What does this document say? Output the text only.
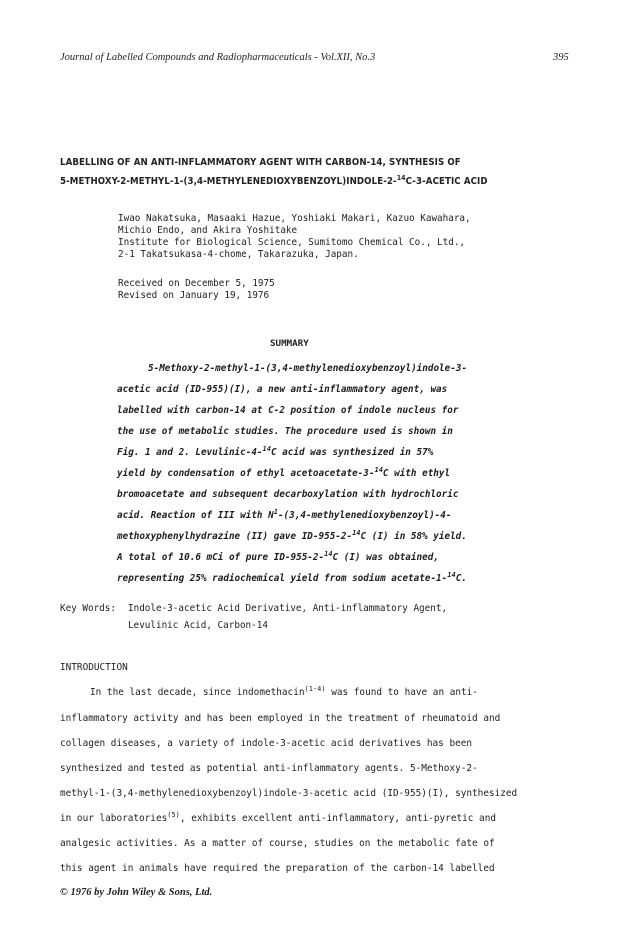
Journal of Labelled Compounds and Radiopharmaceuticals - Vol.XII, No.3	395
LABELLING OF AN ANTI-INFLAMMATORY AGENT WITH CARBON-14, SYNTHESIS OF
5-METHOXY-2-METHYL-1-(3,4-METHYLENEDIOXYBENZOYL)INDOLE-2-$^{14}$C-3-ACETIC ACID
Iwao Nakatsuka, Masaaki Hazue, Yoshiaki Makari, Kazuo Kawahara,
Michio Endo, and Akira Yoshitake
Institute for Biological Science, Sumitomo Chemical Co., Ltd.,
2-1 Takatsukasa-4-chome, Takarazuka, Japan.
Received on December 5, 1975
Revised on January 19, 1976
SUMMARY
5-Methoxy-2-methyl-1-(3,4-methylenedioxybenzoyl)indole-3-
acetic acid (ID-955)(I), a new anti-inflammatory agent, was
labelled with carbon-14 at C-2 position of indole nucleus for
the use of metabolic studies. The procedure used is shown in
Fig. 1 and 2. Levulinic-4-$^{14}$C acid was synthesized in 57%
yield by condensation of ethyl acetoacetate-3-$^{14}$C with ethyl
bromoacetate and subsequent decarboxylation with hydrochloric
acid. Reaction of III with $N^1-(3,4-methylenedioxybenzoyl)-4-$
methoxyphenylhydrazine (II) gave ID-955-2-$^{14}$C (I) in 58% yield.
A total of 10.6 mCi of pure ID-955-2-$^{14}$C (I) was obtained,
representing 25% radiochemical yield from sodium acetate-1-$^{14}$C.
Key Words: Indole-3-acetic Acid Derivative, Anti-inflammatory Agent,
Levulinic Acid, Carbon-14
INTRODUCTION
In the last decade, since indomethacin$^{(1-4)}$ was found to have an anti-
inflammatory activity and has been employed in the treatment of rheumatoid and
collagen diseases, a variety of indole-3-acetic acid derivatives has been
synthesized and tested as potential anti-inflammatory agents. 5-Methoxy-2-
methyl-1-(3,4-methylenedioxybenzoyl)indole-3-acetic acid (ID-955)(I), synthesized
in our laboratories$^{(5)}$, exhibits excellent anti-inflammatory, anti-pyretic and
analgesic activities. As a matter of course, studies on the metabolic fate of
this agent in animals have required the preparation of the carbon-14 labelled
© 1976 by John Wiley & Sons, Ltd.
